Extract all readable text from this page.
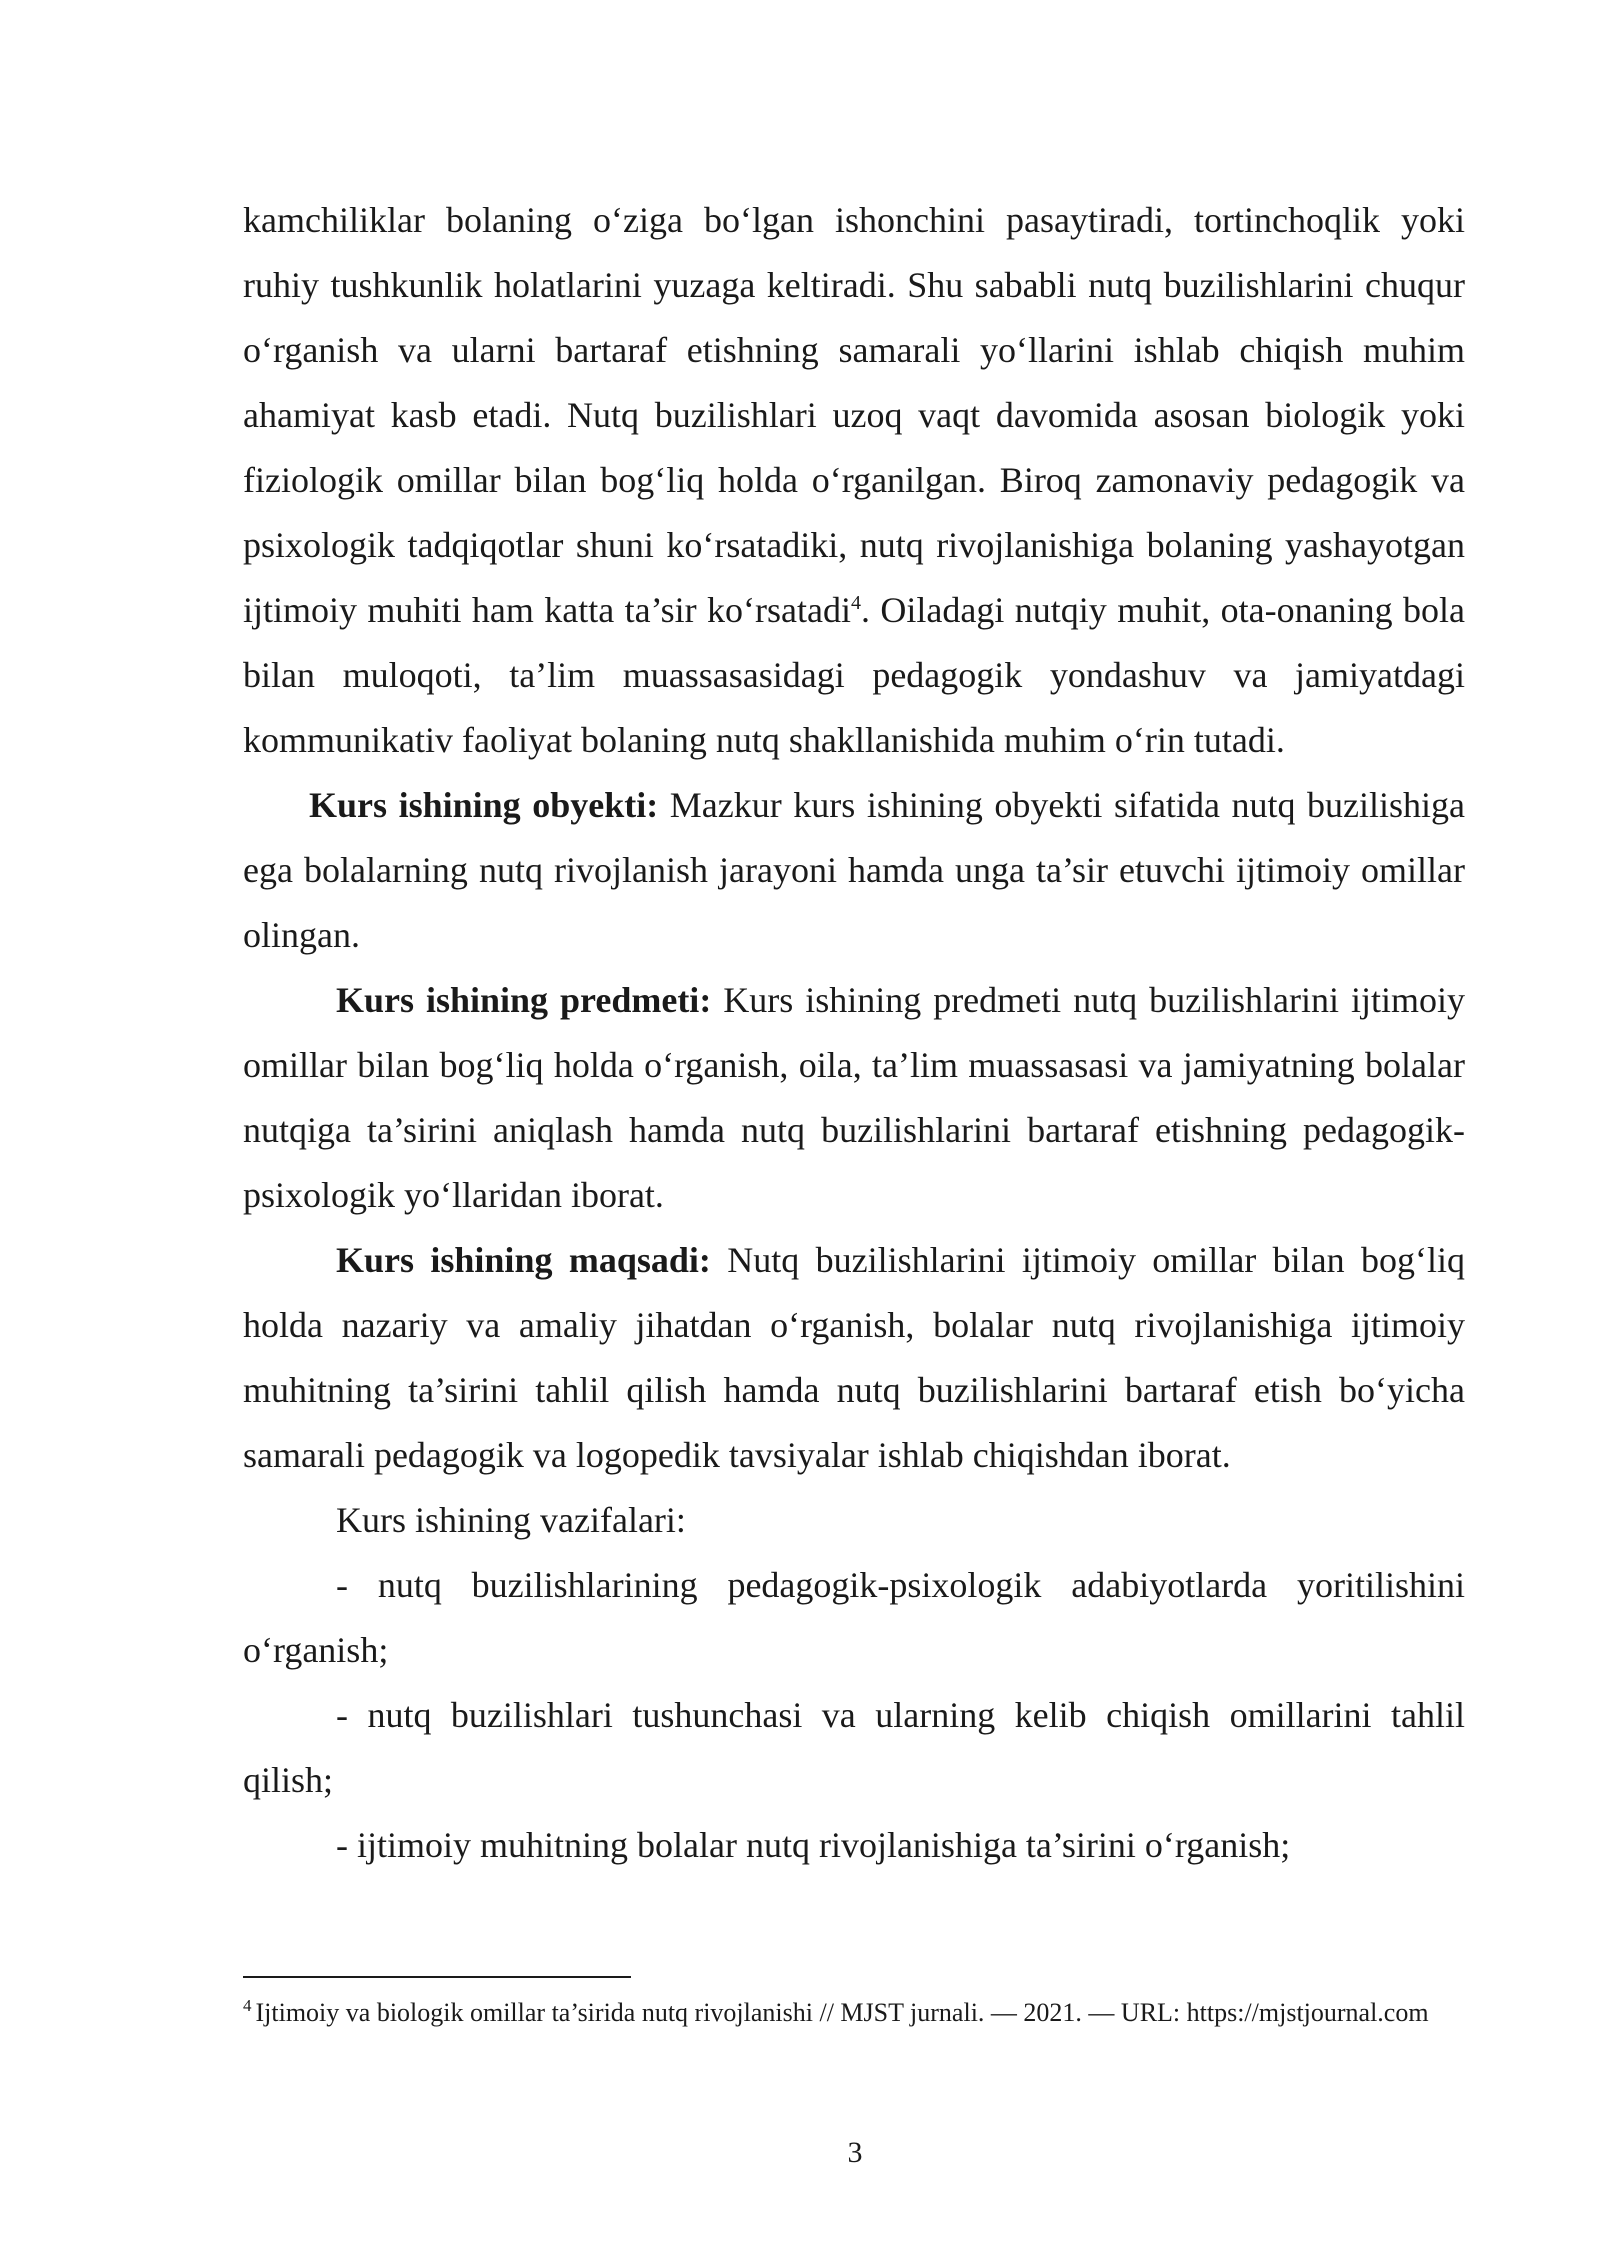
kamchiliklar bolaning o‘ziga bo‘lgan ishonchini pasaytiradi, tortinchoqlik yoki ruhiy tushkunlik holatlarini yuzaga keltiradi. Shu sababli nutq buzilishlarini chuqur o‘rganish va ularni bartaraf etishning samarali yo‘llarini ishlab chiqish muhim ahamiyat kasb etadi. Nutq buzilishlari uzoq vaqt davomida asosan biologik yoki fiziologik omillar bilan bog‘liq holda o‘rganilgan. Biroq zamonaviy pedagogik va psixologik tadqiqotlar shuni ko‘rsatadiki, nutq rivojlanishiga bolaning yashayotgan ijtimoiy muhiti ham katta ta’sir ko‘rsatadi$^4$. Oiladagi nutqiy muhit, ota-onaning bola bilan muloqoti, ta’lim muassasasidagi pedagogik yondashuv va jamiyatdagi kommunikativ faoliyat bolaning nutq shakllanishida muhim o‘rin tutadi.

Kurs ishining obyekti: Mazkur kurs ishining obyekti sifatida nutq buzilishiga ega bolalarning nutq rivojlanish jarayoni hamda unga ta’sir etuvchi ijtimoiy omillar olingan.

Kurs ishining predmeti: Kurs ishining predmeti nutq buzilishlarini ijtimoiy omillar bilan bog‘liq holda o‘rganish, oila, ta’lim muassasasi va jamiyatning bolalar nutqiga ta’sirini aniqlash hamda nutq buzilishlarini bartaraf etishning pedagogik-psixologik yo‘llaridan iborat.

Kurs ishining maqsadi: Nutq buzilishlarini ijtimoiy omillar bilan bog‘liq holda nazariy va amaliy jihatdan o‘rganish, bolalar nutq rivojlanishiga ijtimoiy muhitning ta’sirini tahlil qilish hamda nutq buzilishlarini bartaraf etish bo‘yicha samarali pedagogik va logopedik tavsiyalar ishlab chiqishdan iborat.

Kurs ishining vazifalari:

- nutq buzilishlarining pedagogik-psixologik adabiyotlarda yoritilishini o‘rganish;

- nutq buzilishlari tushunchasi va ularning kelib chiqish omillarini tahlil qilish;

- ijtimoiy muhitning bolalar nutq rivojlanishiga ta’sirini o‘rganish;

$^4$ Ijtimoiy va biologik omillar ta’sirida nutq rivojlanishi // MJST jurnali. — 2021. — URL: https://mjstjournal.com
3
